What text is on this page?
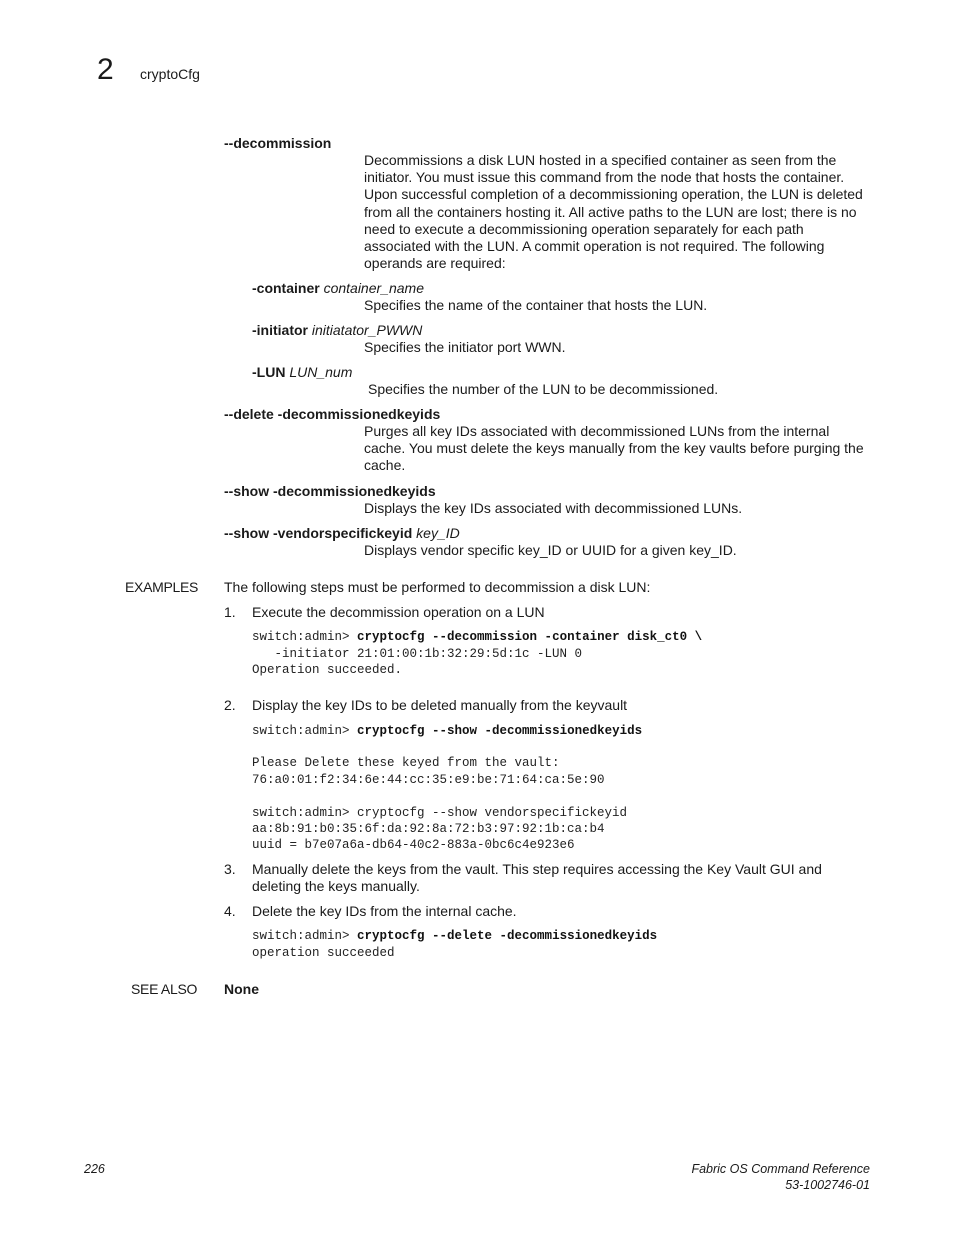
2 cryptoCfg
--decommission
Decommissions a disk LUN hosted in a specified container as seen from the initiator. You must issue this command from the node that hosts the container. Upon successful completion of a decommissioning operation, the LUN is deleted from all the containers hosting it. All active paths to the LUN are lost; there is no need to execute a decommissioning operation separately for each path associated with the LUN. A commit operation is not required. The following operands are required:
-container container_name
Specifies the name of the container that hosts the LUN.
-initiator initiatator_PWWN
Specifies the initiator port WWN.
-LUN LUN_num
Specifies the number of the LUN to be decommissioned.
--delete -decommissionedkeyids
Purges all key IDs associated with decommissioned LUNs from the internal cache. You must delete the keys manually from the key vaults before purging the cache.
--show -decommissionedkeyids
Displays the key IDs associated with decommissioned LUNs.
--show -vendorspecifickeyid key_ID
Displays vendor specific key_ID or UUID for a given key_ID.
EXAMPLES The following steps must be performed to decommission a disk LUN:
1. Execute the decommission operation on a LUN
switch:admin> cryptocfg --decommission -container disk_ct0 \
-initiator 21:01:00:1b:32:29:5d:1c -LUN 0
Operation succeeded.
2. Display the key IDs to be deleted manually from the keyvault
switch:admin> cryptocfg --show -decommissionedkeyids
Please Delete these keyed from the vault:
76:a0:01:f2:34:6e:44:cc:35:e9:be:71:64:ca:5e:90
switch:admin> cryptocfg --show vendorspecifickeyid
aa:8b:91:b0:35:6f:da:92:8a:72:b3:97:92:1b:ca:b4
uuid = b7e07a6a-db64-40c2-883a-0bc6c4e923e6
3. Manually delete the keys from the vault. This step requires accessing the Key Vault GUI and deleting the keys manually.
4. Delete the key IDs from the internal cache.
switch:admin> cryptocfg --delete -decommissionedkeyids
operation succeeded
SEE ALSO None
226	Fabric OS Command Reference
53-1002746-01
